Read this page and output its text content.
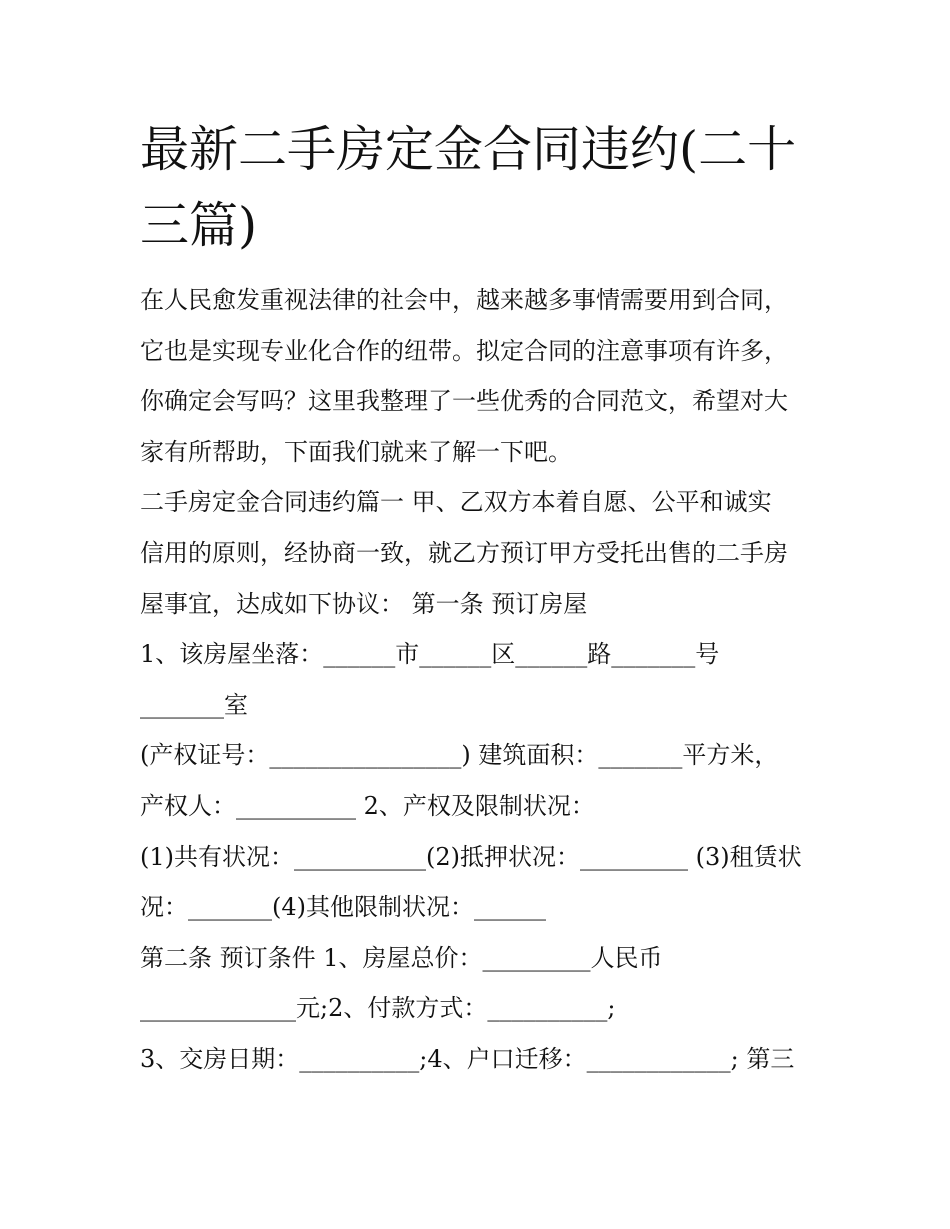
最新二手房定金合同违约(二十
三篇)
在人民愈发重视法律的社会中，越来越多事情需要用到合同，
它也是实现专业化合作的纽带。拟定合同的注意事项有许多，
你确定会写吗？这里我整理了一些优秀的合同范文，希望对大
家有所帮助，下面我们就来了解一下吧。
二手房定金合同违约篇一 甲、乙双方本着自愿、公平和诚实
信用的原则，经协商一致，就乙方预订甲方受托出售的二手房
屋事宜，达成如下协议： 第一条 预订房屋
1、该房屋坐落：______市______区______路_______号
_______室
(产权证号：________________) 建筑面积：_______平方米，
产权人：__________ 2、产权及限制状况：
(1)共有状况：___________(2)抵押状况：_________ (3)租赁状
况：_______(4)其他限制状况：______
第二条 预订条件 1、房屋总价：_________人民币
_____________元;2、付款方式：__________;
3、交房日期：__________;4、户口迁移：____________; 第三
